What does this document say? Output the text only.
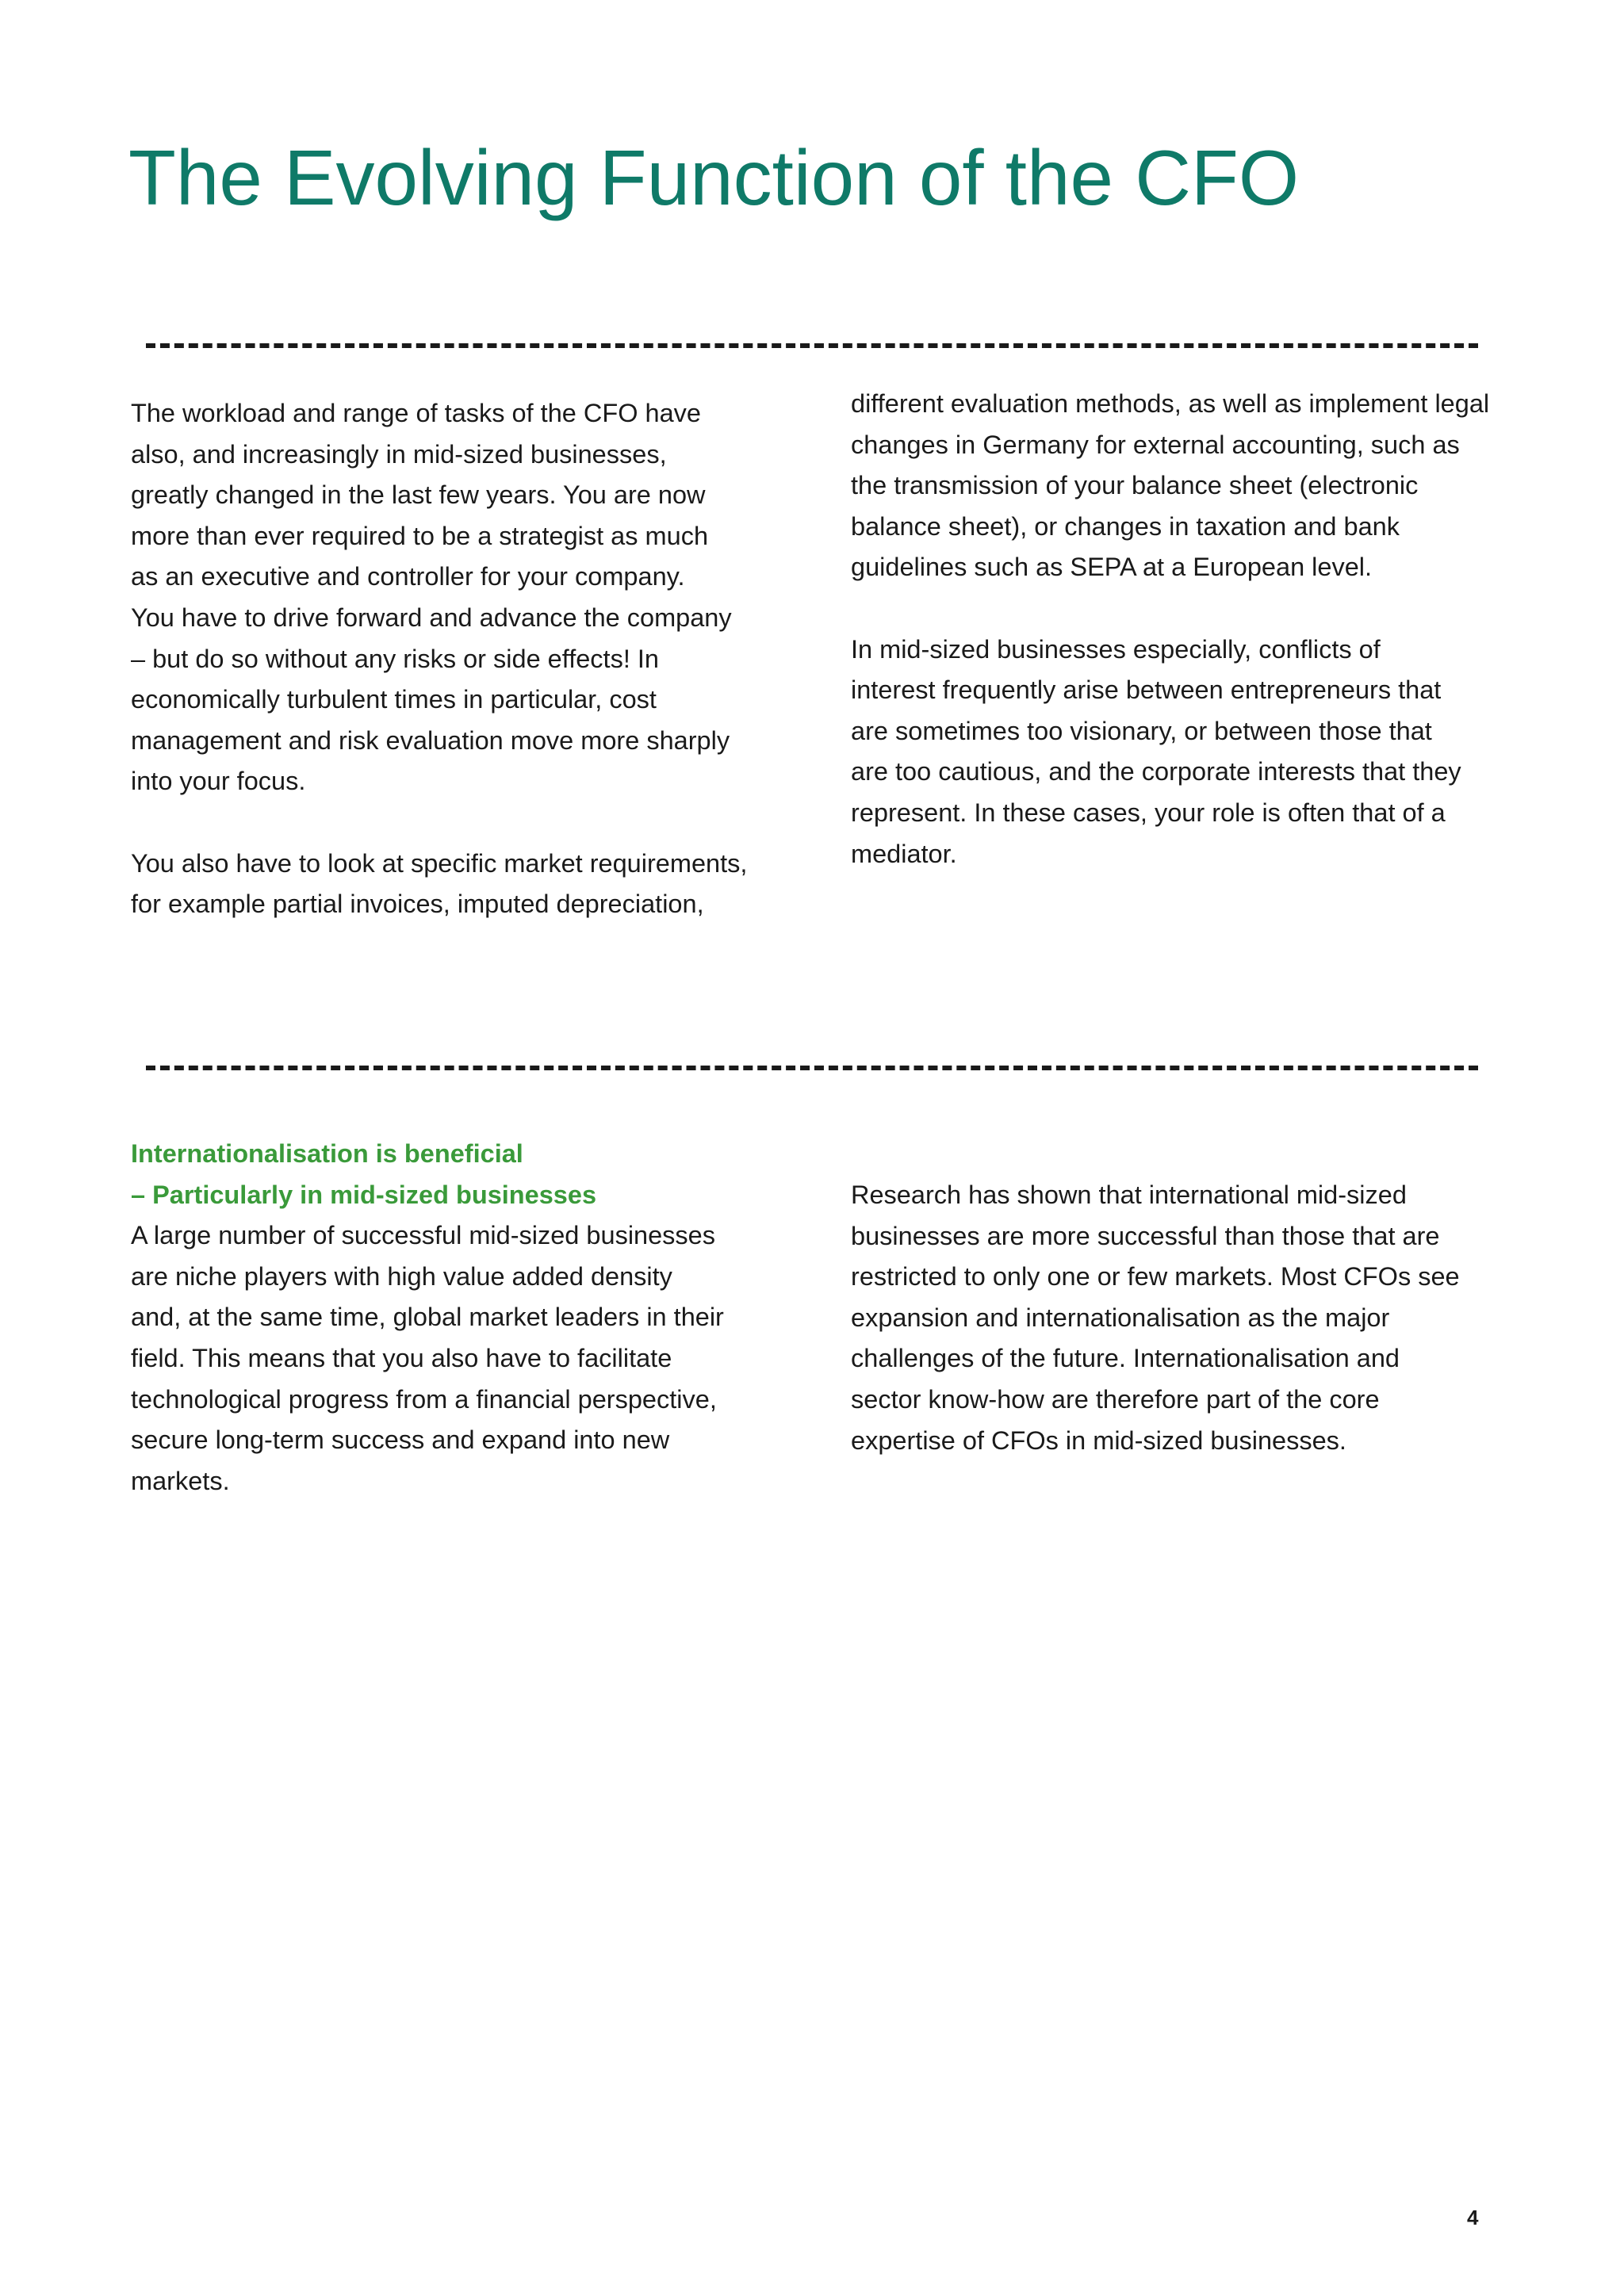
The Evolving Function of the CFO

The workload and range of tasks of the CFO have
also, and increasingly in mid-sized businesses,
greatly changed in the last few years. You are now
more than ever required to be a strategist as much
as an executive and controller for your company.
You have to drive forward and advance the company
– but do so without any risks or side effects! In
economically turbulent times in particular, cost
management and risk evaluation move more sharply
into your focus.

You also have to look at specific market requirements,
for example partial invoices, imputed depreciation,

different evaluation methods, as well as implement legal
changes in Germany for external accounting, such as
the transmission of your balance sheet (electronic
balance sheet), or changes in taxation and bank
guidelines such as SEPA at a European level.

In mid-sized businesses especially, conflicts of
interest frequently arise between entrepreneurs that
are sometimes too visionary, or between those that
are too cautious, and the corporate interests that they
represent. In these cases, your role is often that of a
mediator.

Internationalisation is beneficial
– Particularly in mid-sized businesses

A large number of successful mid-sized businesses
are niche players with high value added density
and, at the same time, global market leaders in their
field. This means that you also have to facilitate
technological progress from a financial perspective,
secure long-term success and expand into new
markets.

Research has shown that international mid-sized
businesses are more successful than those that are
restricted to only one or few markets. Most CFOs see
expansion and internationalisation as the major
challenges of the future. Internationalisation and
sector know-how are therefore part of the core
expertise of CFOs in mid-sized businesses.

4
